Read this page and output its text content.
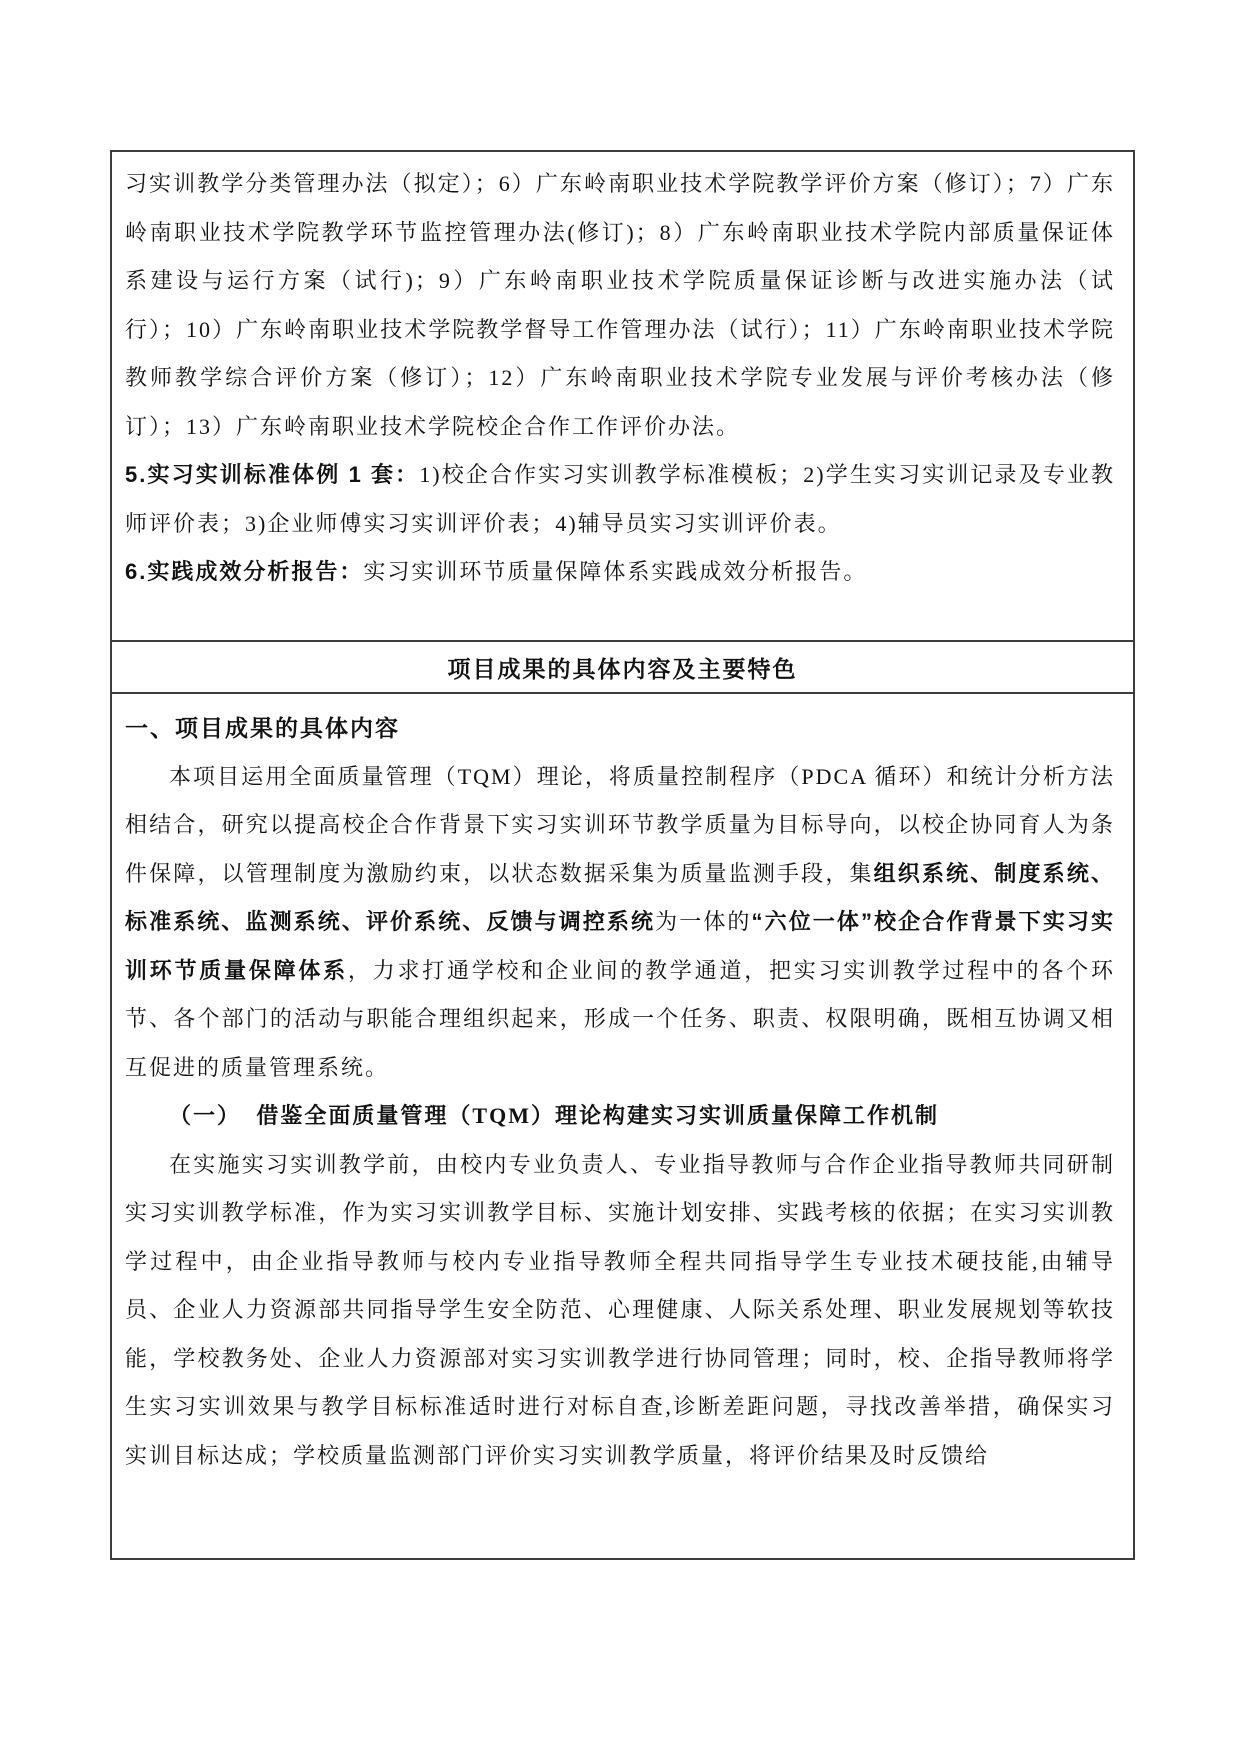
习实训教学分类管理办法（拟定）；6）广东岭南职业技术学院教学评价方案（修订）；7）广东岭南职业技术学院教学环节监控管理办法(修订)；8）广东岭南职业技术学院内部质量保证体系建设与运行方案（试行)；9）广东岭南职业技术学院质量保证诊断与改进实施办法（试行）；10）广东岭南职业技术学院教学督导工作管理办法（试行）；11）广东岭南职业技术学院教师教学综合评价方案（修订）；12）广东岭南职业技术学院专业发展与评价考核办法（修订）；13）广东岭南职业技术学院校企合作工作评价办法。

5.实习实训标准体例 1 套：1)校企合作实习实训教学标准模板；2)学生实习实训记录及专业教师评价表；3)企业师傅实习实训评价表；4)辅导员实习实训评价表。

6.实践成效分析报告：实习实训环节质量保障体系实践成效分析报告。

项目成果的具体内容及主要特色

一、项目成果的具体内容

本项目运用全面质量管理（TQM）理论，将质量控制程序（PDCA 循环）和统计分析方法相结合，研究以提高校企合作背景下实习实训环节教学质量为目标导向，以校企协同育人为条件保障，以管理制度为激励约束，以状态数据采集为质量监测手段，集组织系统、制度系统、标准系统、监测系统、评价系统、反馈与调控系统为一体的“六位一体”校企合作背景下实习实训环节质量保障体系，力求打通学校和企业间的教学通道，把实习实训教学过程中的各个环节、各个部门的活动与职能合理组织起来，形成一个任务、职责、权限明确，既相互协调又相互促进的质量管理系统。

（一） 借鉴全面质量管理（TQM）理论构建实习实训质量保障工作机制

在实施实习实训教学前，由校内专业负责人、专业指导教师与合作企业指导教师共同研制实习实训教学标准，作为实习实训教学目标、实施计划安排、实践考核的依据；在实习实训教学过程中，由企业指导教师与校内专业指导教师全程共同指导学生专业技术硬技能,由辅导员、企业人力资源部共同指导学生安全防范、心理健康、人际关系处理、职业发展规划等软技能，学校教务处、企业人力资源部对实习实训教学进行协同管理；同时，校、企指导教师将学生实习实训效果与教学目标标准适时进行对标自查,诊断差距问题，寻找改善举措，确保实习实训目标达成；学校质量监测部门评价实习实训教学质量，将评价结果及时反馈给
